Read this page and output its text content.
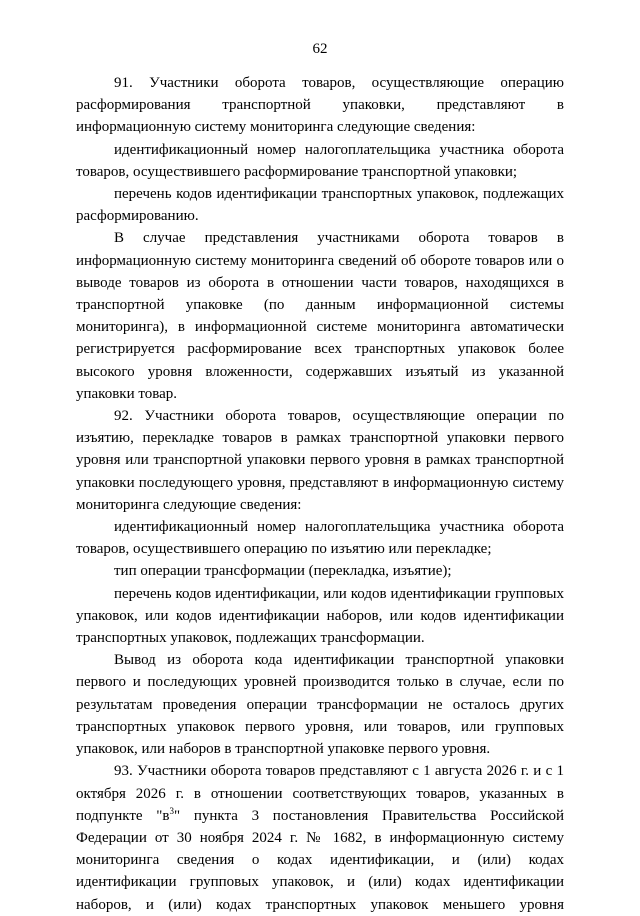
62

91. Участники оборота товаров, осуществляющие операцию расформирования транспортной упаковки, представляют в информационную систему мониторинга следующие сведения:

идентификационный номер налогоплательщика участника оборота товаров, осуществившего расформирование транспортной упаковки;

перечень кодов идентификации транспортных упаковок, подлежащих расформированию.

В случае представления участниками оборота товаров в информационную систему мониторинга сведений об обороте товаров или о выводе товаров из оборота в отношении части товаров, находящихся в транспортной упаковке (по данным информационной системы мониторинга), в информационной системе мониторинга автоматически регистрируется расформирование всех транспортных упаковок более высокого уровня вложенности, содержавших изъятый из указанной упаковки товар.

92. Участники оборота товаров, осуществляющие операции по изъятию, перекладке товаров в рамках транспортной упаковки первого уровня или транспортной упаковки первого уровня в рамках транспортной упаковки последующего уровня, представляют в информационную систему мониторинга следующие сведения:

идентификационный номер налогоплательщика участника оборота товаров, осуществившего операцию по изъятию или перекладке;

тип операции трансформации (перекладка, изъятие);

перечень кодов идентификации, или кодов идентификации групповых упаковок, или кодов идентификации наборов, или кодов идентификации транспортных упаковок, подлежащих трансформации.

Вывод из оборота кода идентификации транспортной упаковки первого и последующих уровней производится только в случае, если по результатам проведения операции трансформации не осталось других транспортных упаковок первого уровня, или товаров, или групповых упаковок, или наборов в транспортной упаковке первого уровня.

93. Участники оборота товаров представляют с 1 августа 2026 г. и с 1 октября 2026 г. в отношении соответствующих товаров, указанных в подпункте "$в^3$" пункта 3 постановления Правительства Российской Федерации от 30 ноября 2024 г. № 1682, в информационную систему мониторинга сведения о кодах идентификации, и (или) кодах идентификации групповых упаковок, и (или) кодах идентификации наборов, и (или) кодах транспортных упаковок меньшего уровня
